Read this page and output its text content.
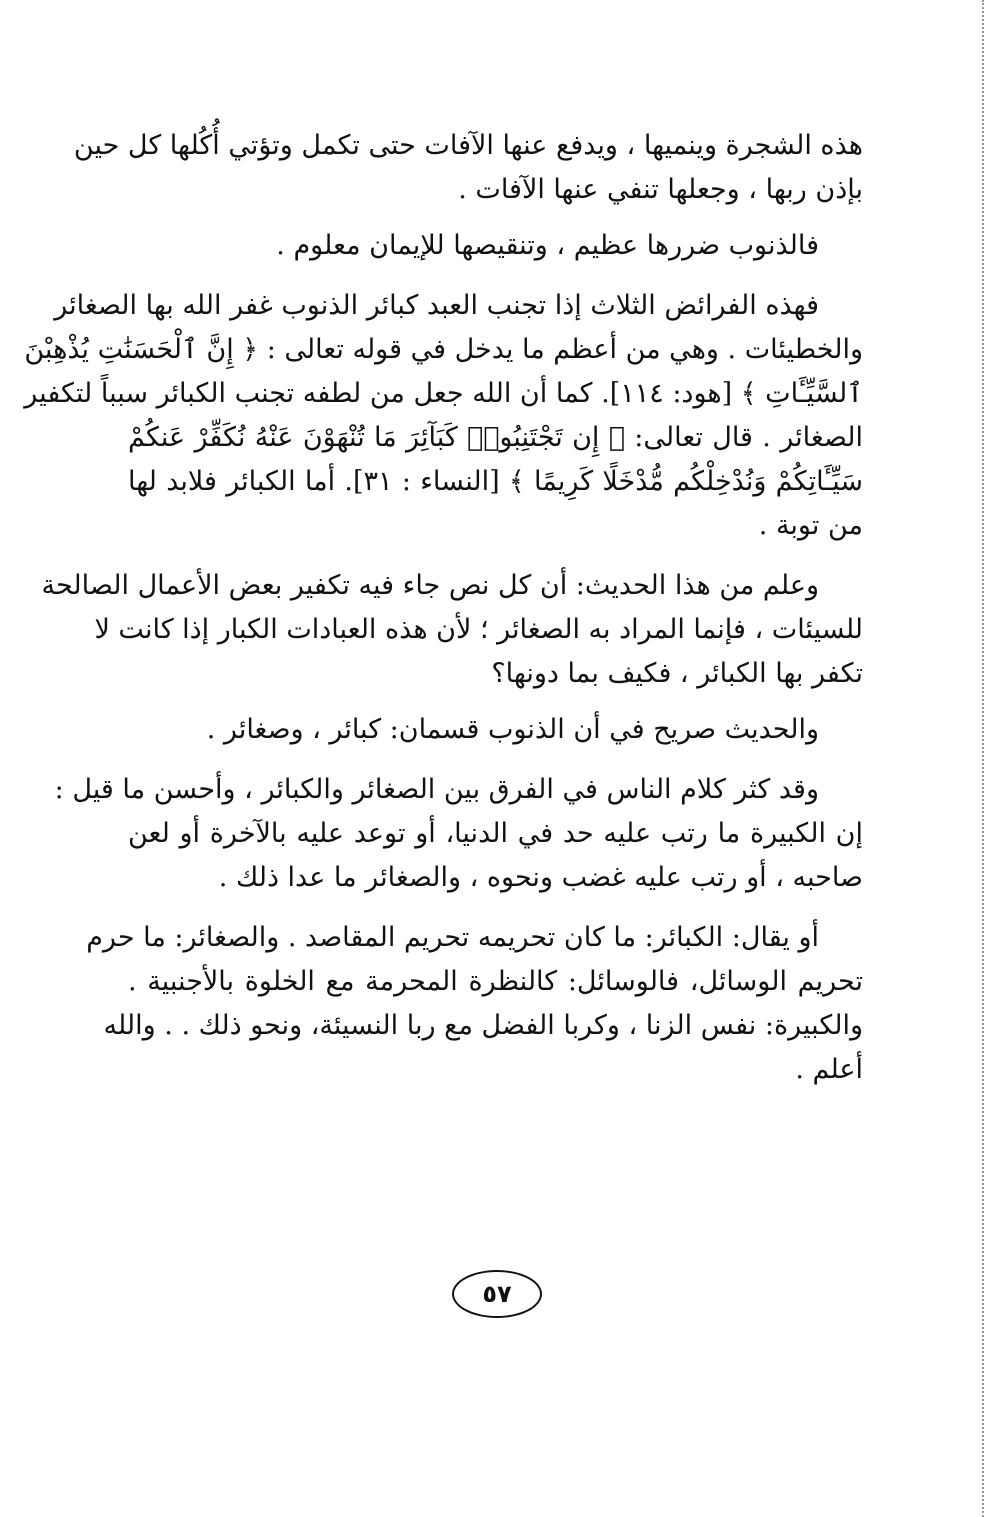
هذه الشجرة وينميها ، ويدفع عنها الآفات حتى تكمل وتؤتي أُكُلها كل حين
بإذن ربها ، وجعلها تنفي عنها الآفات .
فالذنوب ضررها عظيم ، وتنقيصها للإيمان معلوم .
فهذه الفرائض الثلاث إذا تجنب العبد كبائر الذنوب غفر الله بها الصغائر
والخطيئات . وهي من أعظم ما يدخل في قوله تعالى : ﴿ إِنَّ ٱلْحَسَنَٰتِ يُذْهِبْنَ
ٱلسَّيِّـَٔاتِ ﴾ [هود: ١١٤]. كما أن الله جعل من لطفه تجنب الكبائر سبباً لتكفير
الصغائر . قال تعالى: ﴿ إِن تَجْتَنِبُوا۟ كَبَآئِرَ مَا تُنْهَوْنَ عَنْهُ نُكَفِّرْ عَنكُمْ
سَيِّـَٔاتِكُمْ وَنُدْخِلْكُم مُّدْخَلًا كَرِيمًا ﴾ [النساء : ٣١]. أما الكبائر فلابد لها
من توبة .
وعلم من هذا الحديث: أن كل نص جاء فيه تكفير بعض الأعمال الصالحة
للسيئات ، فإنما المراد به الصغائر ؛ لأن هذه العبادات الكبار إذا كانت لا
تكفر بها الكبائر ، فكيف بما دونها؟
والحديث صريح في أن الذنوب قسمان: كبائر ، وصغائر .
وقد كثر كلام الناس في الفرق بين الصغائر والكبائر ، وأحسن ما قيل :
إن الكبيرة ما رتب عليه حد في الدنيا، أو توعد عليه بالآخرة أو لعن
صاحبه ، أو رتب عليه غضب ونحوه ، والصغائر ما عدا ذلك .
أو يقال: الكبائر: ما كان تحريمه تحريم المقاصد . والصغائر: ما حرم
تحريم الوسائل، فالوسائل: كالنظرة المحرمة مع الخلوة بالأجنبية .
والكبيرة: نفس الزنا ، وكربا الفضل مع ربا النسيئة، ونحو ذلك . . والله
أعلم .
٥٧
